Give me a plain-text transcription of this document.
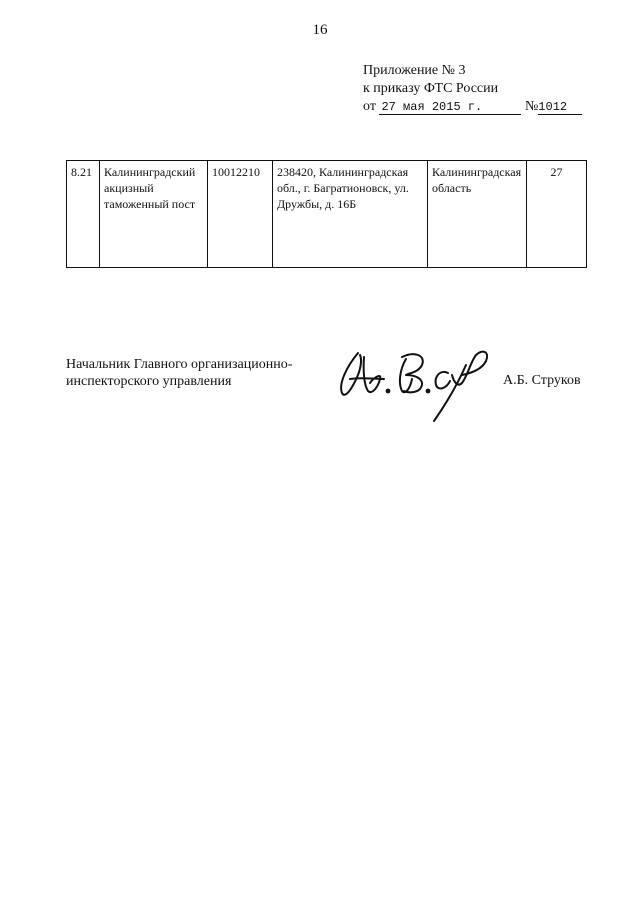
16
Приложение № 3
к приказу ФТС России
от 27 мая 2015 г.	№1012
8.21	Калининградский акцизный таможенный пост	10012210	238420, Калининградская обл., г. Багратионовск, ул. Дружбы, д. 16Б	Калининградская область	27
Начальник Главного организационно-
инспекторского управления	А.Б. Струков
